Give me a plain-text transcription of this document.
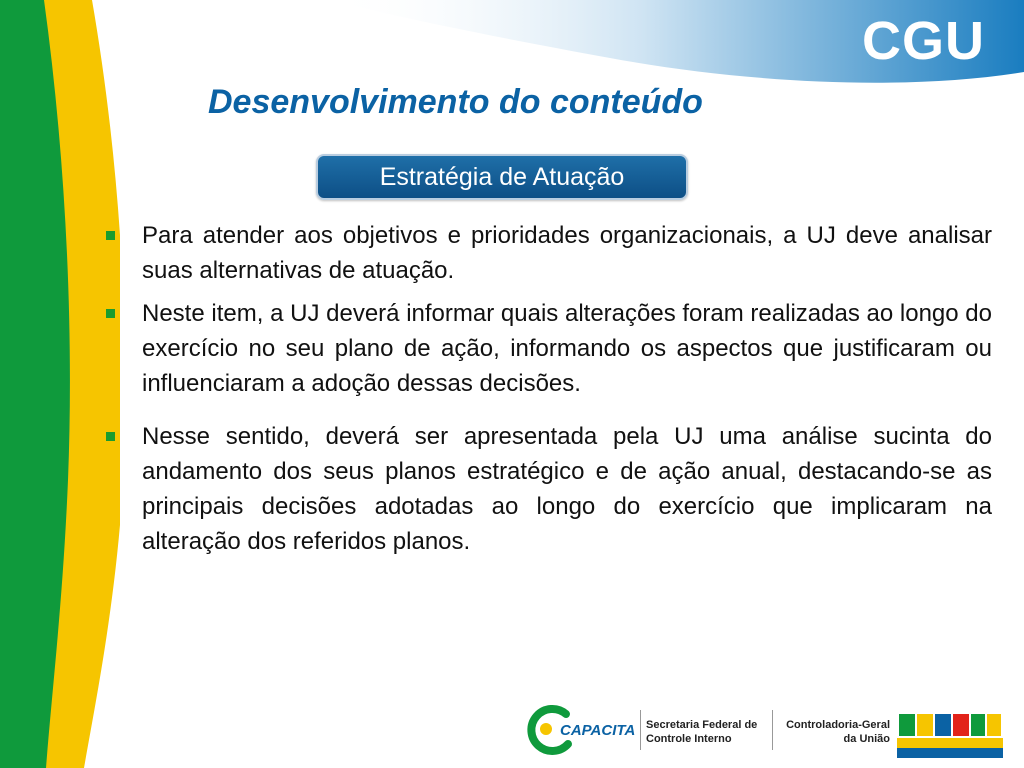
CGU
Desenvolvimento do conteúdo
Estratégia de Atuação
Para atender aos objetivos e prioridades organizacionais, a UJ deve analisar suas alternativas de atuação.
Neste item, a UJ deverá informar quais alterações foram realizadas ao longo do exercício no seu plano de ação, informando os aspectos que justificaram ou influenciaram a adoção dessas decisões.
Nesse sentido, deverá ser apresentada pela UJ uma análise sucinta do andamento dos seus planos estratégico e de ação anual, destacando-se as principais decisões adotadas ao longo do exercício que implicaram na alteração dos referidos planos.
CAPACITA Secretaria Federal de
Controle Interno
Controladoria-Geral
da União
